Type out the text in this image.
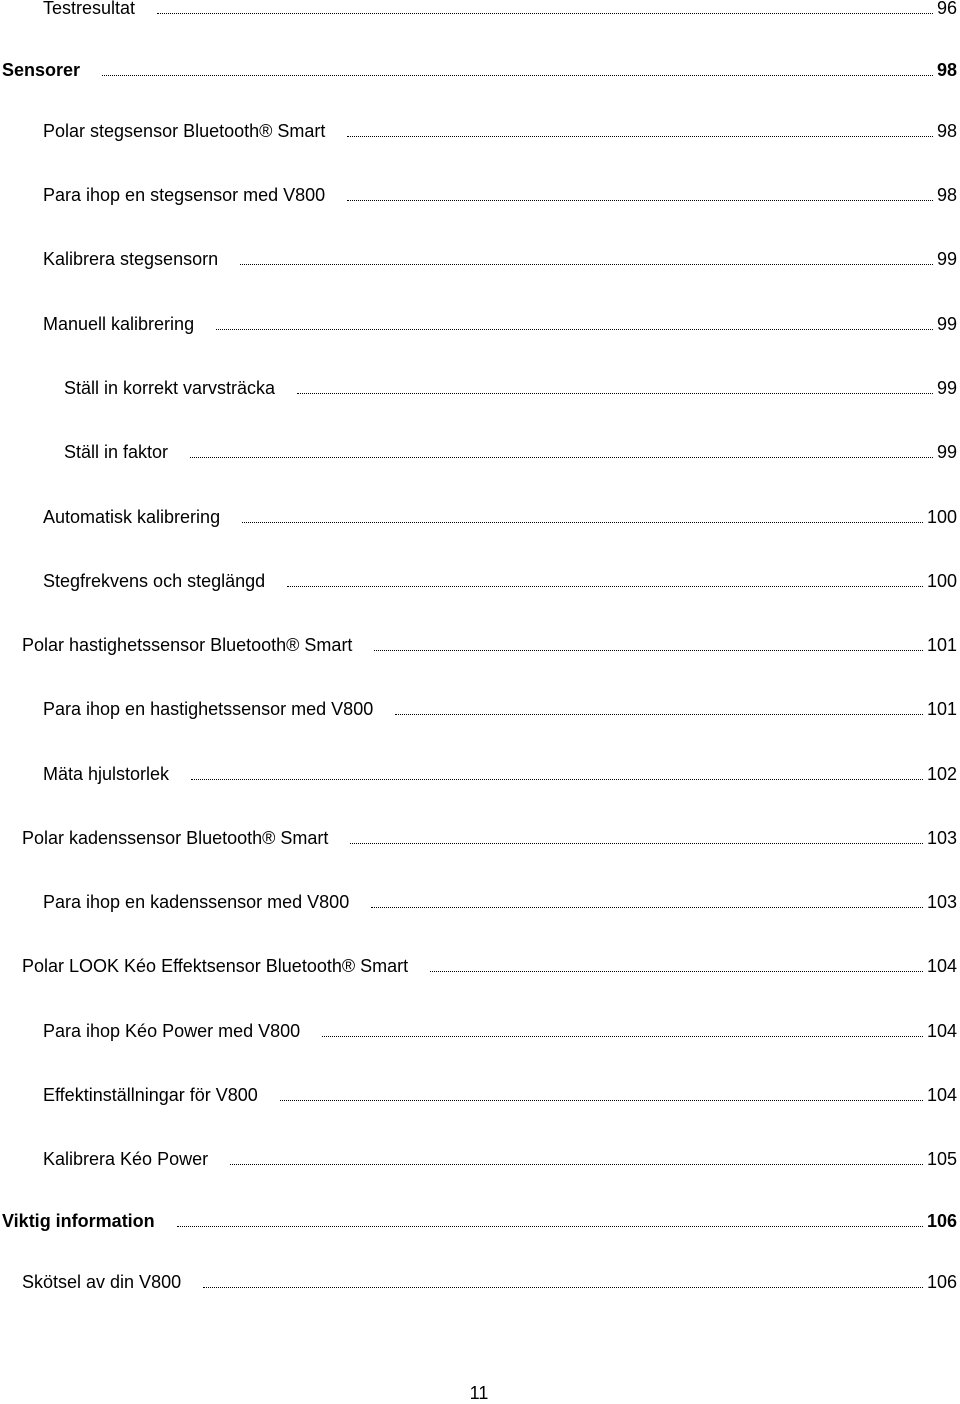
Testresultat	96
Sensorer	98
Polar stegsensor Bluetooth® Smart	98
Para ihop en stegsensor med V800	98
Kalibrera stegsensorn	99
Manuell kalibrering	99
Ställ in korrekt varvsträcka	99
Ställ in faktor	99
Automatisk kalibrering	100
Stegfrekvens och steglängd	100
Polar hastighetssensor Bluetooth® Smart	101
Para ihop en hastighetssensor med V800	101
Mäta hjulstorlek	102
Polar kadenssensor Bluetooth® Smart	103
Para ihop en kadenssensor med V800	103
Polar LOOK Kéo Effektsensor Bluetooth® Smart	104
Para ihop Kéo Power med V800	104
Effektinställningar för V800	104
Kalibrera Kéo Power	105
Viktig information	106
Skötsel av din V800	106
11
